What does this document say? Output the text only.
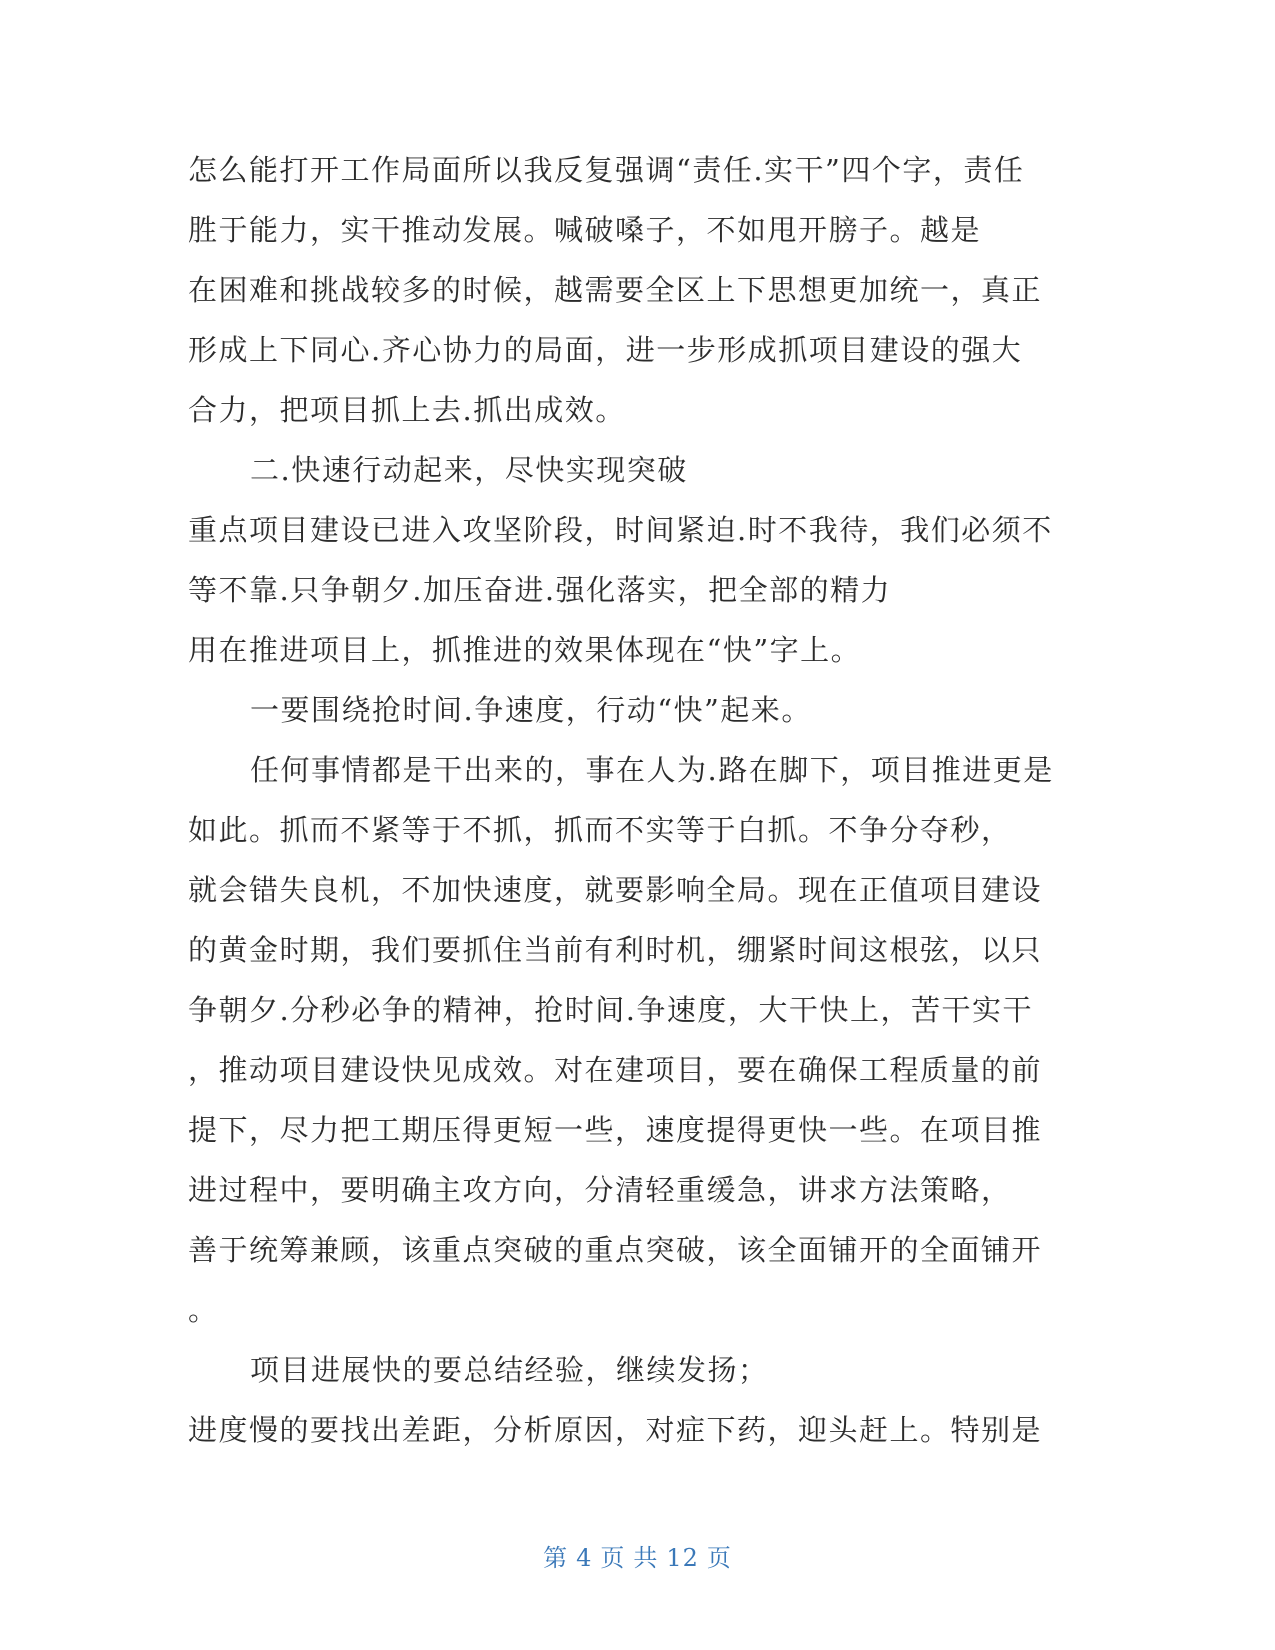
怎么能打开工作局面所以我反复强调“责任.实干”四个字，责任

胜于能力，实干推动发展。喊破嗓子，不如甩开膀子。越是

在困难和挑战较多的时候，越需要全区上下思想更加统一，真正

形成上下同心.齐心协力的局面，进一步形成抓项目建设的强大

合力，把项目抓上去.抓出成效。

二.快速行动起来，尽快实现突破

重点项目建设已进入攻坚阶段，时间紧迫.时不我待，我们必须不

等不靠.只争朝夕.加压奋进.强化落实，把全部的精力

用在推进项目上，抓推进的效果体现在“快”字上。

一要围绕抢时间.争速度，行动“快”起来。

任何事情都是干出来的，事在人为.路在脚下，项目推进更是

如此。抓而不紧等于不抓，抓而不实等于白抓。不争分夺秒，

就会错失良机，不加快速度，就要影响全局。现在正值项目建设

的黄金时期，我们要抓住当前有利时机，绷紧时间这根弦，以只

争朝夕.分秒必争的精神，抢时间.争速度，大干快上，苦干实干

，推动项目建设快见成效。对在建项目，要在确保工程质量的前

提下，尽力把工期压得更短一些，速度提得更快一些。在项目推

进过程中，要明确主攻方向，分清轻重缓急，讲求方法策略，

善于统筹兼顾，该重点突破的重点突破，该全面铺开的全面铺开

。

项目进展快的要总结经验，继续发扬；

进度慢的要找出差距，分析原因，对症下药，迎头赶上。特别是

第 4 页 共 12 页
